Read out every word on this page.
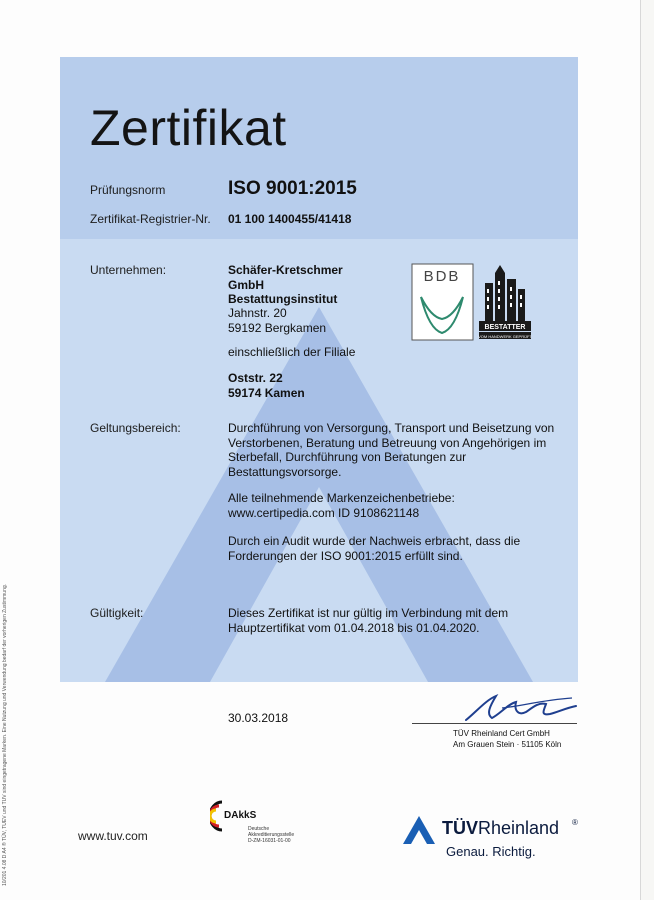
10/201 4.08 D A4 ® TÜV, TUEV und TUV sind eingetragene Marken. Eine Nutzung und Verwendung bedarf der vorherigen Zustimmung.
Zertifikat
Prüfungsnorm	ISO 9001:2015
Zertifikat-Registrier-Nr. 01 100 1400455/41418
Unternehmen:	Schäfer-Kretschmer
GmbH
Bestattungsinstitut
Jahnstr. 20
59192 Bergkamen
einschließlich der Filiale
Oststr. 22
59174 Kamen
BDB
BESTATTER
VOM HANDWERK GEPRÜFT
Geltungsbereich:	Durchführung von Versorgung, Transport und Beisetzung von
Verstorbenen, Beratung und Betreuung von Angehörigen im
Sterbefall, Durchführung von Beratungen zur
Bestattungsvorsorge.
Alle teilnehmende Markenzeichenbetriebe:
www.certipedia.com ID 9108621148
Durch ein Audit wurde der Nachweis erbracht, dass die
Forderungen der ISO 9001:2015 erfüllt sind.
Gültigkeit:	Dieses Zertifikat ist nur gültig im Verbindung mit dem
Hauptzertifikat vom 01.04.2018 bis 01.04.2020.
30.03.2018
TÜV Rheinland Cert GmbH
Am Grauen Stein · 51105 Köln
www.tuv.com
DAkkS
Deutsche
Akkreditierungsstelle
D-ZM-16031-01-00
TÜVRheinland ®
Genau. Richtig.
